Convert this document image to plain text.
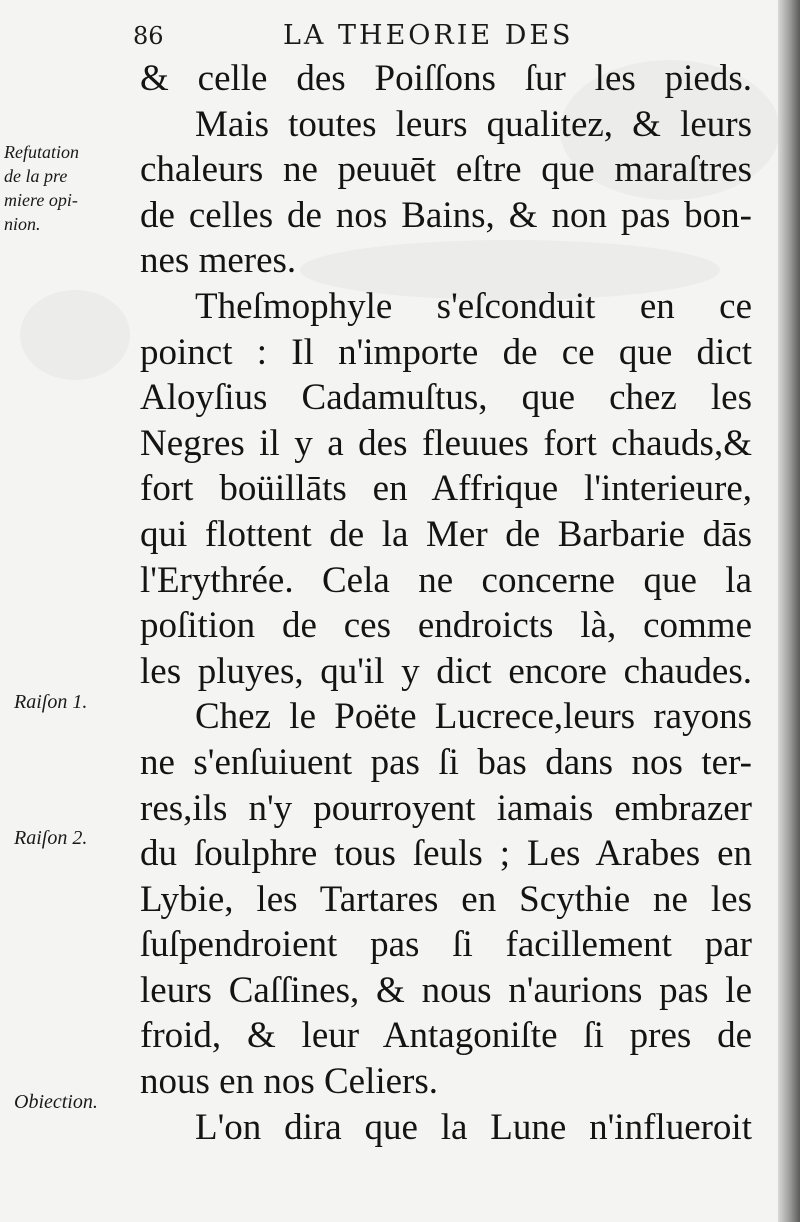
86	LA THEORIE DES
& celle des Poiſſons ſur les pieds.
Mais toutes leurs qualitez, & leurs
chaleurs ne peuuēt eſtre que maraſtres
de celles de nos Bains, & non pas bon-
nes meres.
Theſmophyle s'eſconduit en ce
poinct : Il n'importe de ce que dict
Aloyſius Cadamuſtus, que chez les
Negres il y a des fleuues fort chauds,&
fort boüillāts en Affrique l'interieure,
qui flottent de la Mer de Barbarie dās
l'Erythrée. Cela ne concerne que la
poſition de ces endroicts là, comme
les pluyes, qu'il y dict encore chaudes.
Chez le Poëte Lucrece,leurs rayons
ne s'enſuiuent pas ſi bas dans nos ter-
res,ils n'y pourroyent iamais embrazer
du ſoulphre tous ſeuls ; Les Arabes en
Lybie, les Tartares en Scythie ne les
ſuſpendroient pas ſi facillement par
leurs Caſſines, & nous n'aurions pas le
froid, & leur Antagoniſte ſi pres de
nous en nos Celiers.
L'on dira que la Lune n'influeroit
Refutation
de la pre
miere opi-
nion.
Raiſon 1.
Raiſon 2.
Obiection.
